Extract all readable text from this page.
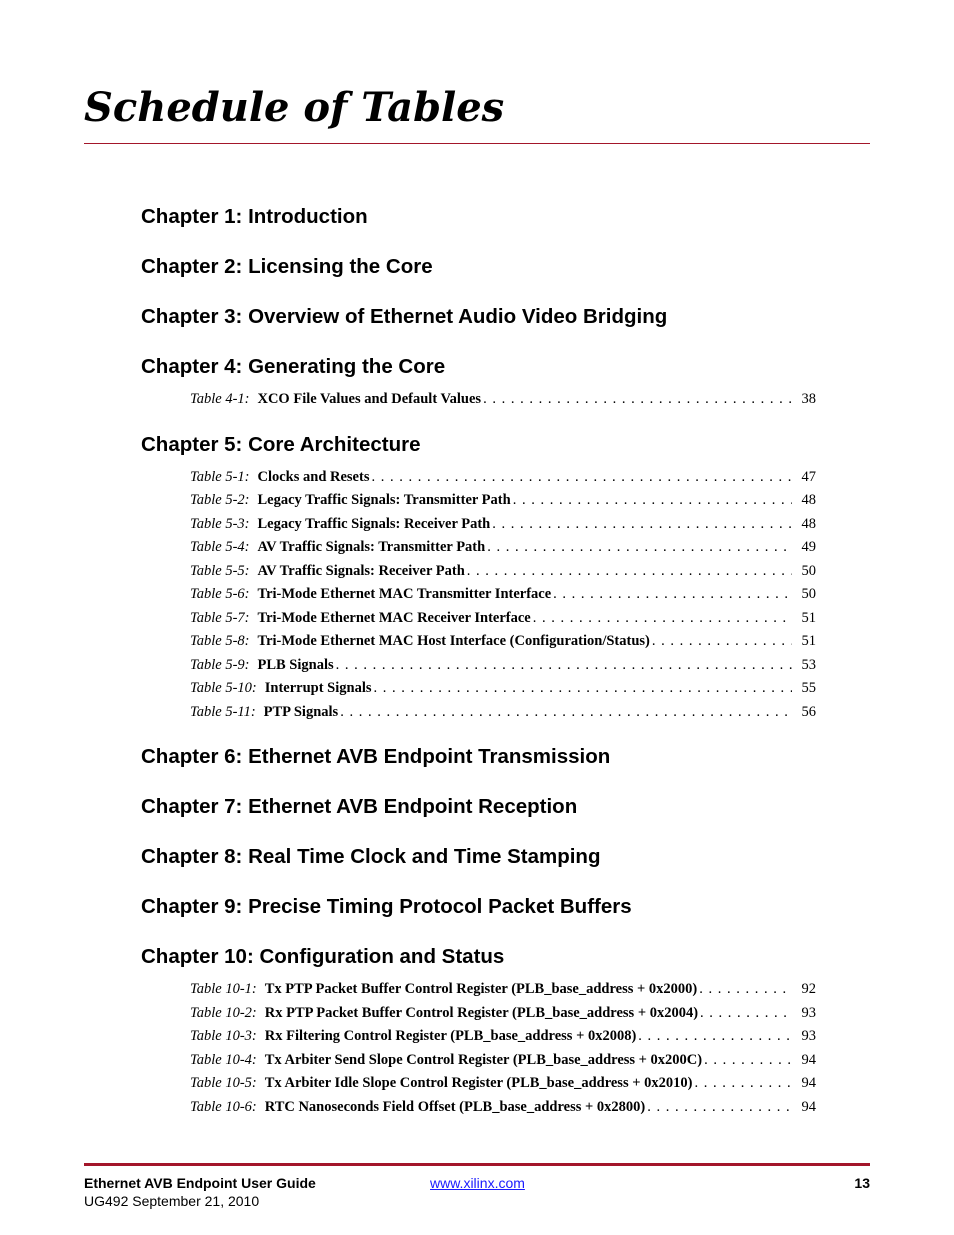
Schedule of Tables
Chapter 1: Introduction
Chapter 2: Licensing the Core
Chapter 3: Overview of Ethernet Audio Video Bridging
Chapter 4: Generating the Core
Table 4-1: XCO File Values and Default Values . . .	38
Chapter 5: Core Architecture
Table 5-1: Clocks and Resets . . .	47
Table 5-2: Legacy Traffic Signals: Transmitter Path . . .	48
Table 5-3: Legacy Traffic Signals: Receiver Path . . .	48
Table 5-4: AV Traffic Signals: Transmitter Path . . .	49
Table 5-5: AV Traffic Signals: Receiver Path . . .	50
Table 5-6: Tri-Mode Ethernet MAC Transmitter Interface . . .	50
Table 5-7: Tri-Mode Ethernet MAC Receiver Interface . . .	51
Table 5-8: Tri-Mode Ethernet MAC Host Interface (Configuration/Status) . . .	51
Table 5-9: PLB Signals . . .	53
Table 5-10: Interrupt Signals . . .	55
Table 5-11: PTP Signals . . .	56
Chapter 6: Ethernet AVB Endpoint Transmission
Chapter 7: Ethernet AVB Endpoint Reception
Chapter 8: Real Time Clock and Time Stamping
Chapter 9: Precise Timing Protocol Packet Buffers
Chapter 10: Configuration and Status
Table 10-1: Tx PTP Packet Buffer Control Register (PLB_base_address + 0x2000) . . .	92
Table 10-2: Rx PTP Packet Buffer Control Register (PLB_base_address + 0x2004) . . .	93
Table 10-3: Rx Filtering Control Register (PLB_base_address + 0x2008) . . .	93
Table 10-4: Tx Arbiter Send Slope Control Register (PLB_base_address + 0x200C) . . .	94
Table 10-5: Tx Arbiter Idle Slope Control Register (PLB_base_address + 0x2010) . . .	94
Table 10-6: RTC Nanoseconds Field Offset (PLB_base_address + 0x2800) . . .	94
Ethernet AVB Endpoint User Guide
UG492 September 21, 2010
www.xilinx.com	13
